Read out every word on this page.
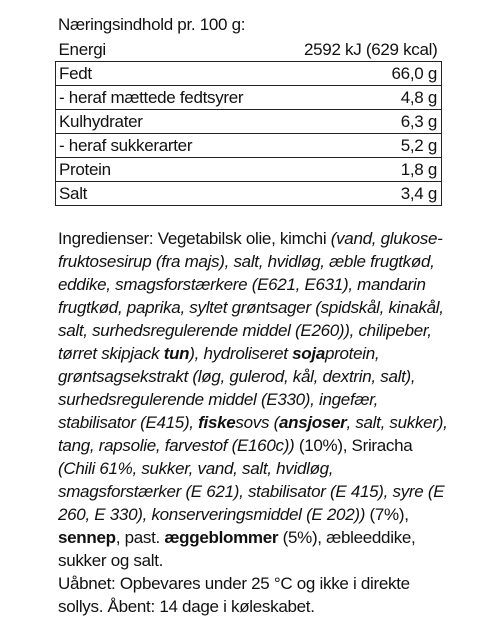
Næringsindhold pr. 100 g:
Energi	2592 kJ (629 kcal)
Fedt	66,0 g
- heraf mættede fedtsyrer	4,8 g
Kulhydrater	6,3 g
- heraf sukkerarter	5,2 g
Protein	1,8 g
Salt	3,4 g

Ingredienser: Vegetabilsk olie, kimchi (vand, glukose-fruktosesirup (fra majs), salt, hvidløg, æble frugtkød, eddike, smagsforstærkere (E621, E631), mandarin frugtkød, paprika, syltet grøntsager (spidskål, kinakål, salt, surhedsregulerende middel (E260)), chilipeber, tørret skipjack tun), hydroliseret sojaprotein, grøntsagsekstrakt (løg, gulerod, kål, dextrin, salt), surhedsregulerende middel (E330), ingefær, stabilisator (E415), fiskesovs (ansjoser, salt, sukker), tang, rapsolie, farvestof (E160c)) (10%), Sriracha (Chili 61%, sukker, vand, salt, hvidløg, smagsforstærker (E 621), stabilisator (E 415), syre (E 260, E 330), konserveringsmiddel (E 202)) (7%), sennep, past. æggeblommer (5%), æbleeddike, sukker og salt.

Uåbnet: Opbevares under 25 °C og ikke i direkte sollys. Åbent: 14 dage i køleskabet.
